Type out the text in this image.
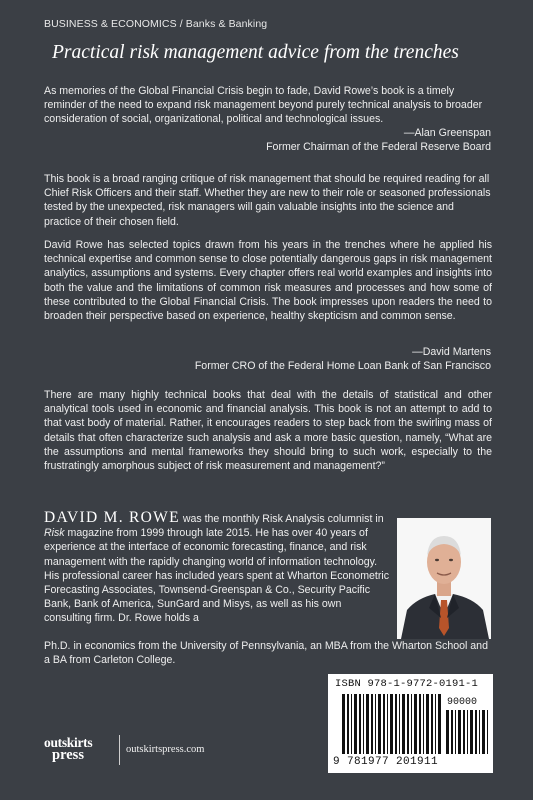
BUSINESS & ECONOMICS / Banks & Banking
Practical risk management advice from the trenches

As memories of the Global Financial Crisis begin to fade, David Rowe’s book is a timely reminder of the need to expand risk management beyond purely technical analysis to broader consideration of social, organizational, political and technological issues.

—Alan Greenspan
Former Chairman of the Federal Reserve Board

This book is a broad ranging critique of risk management that should be required reading for all Chief Risk Officers and their staff. Whether they are new to their role or seasoned professionals tested by the unexpected, risk managers will gain valuable insights into the science and practice of their chosen field.

David Rowe has selected topics drawn from his years in the trenches where he applied his technical expertise and common sense to close potentially dangerous gaps in risk management analytics, assumptions and systems. Every chapter offers real world examples and insights into both the value and the limitations of common risk measures and processes and how some of these contributed to the Global Financial Crisis. The book impresses upon readers the need to broaden their perspective based on experience, healthy skepticism and common sense.

—David Martens
Former CRO of the Federal Home Loan Bank of San Francisco

There are many highly technical books that deal with the details of statistical and other analytical tools used in economic and financial analysis. This book is not an attempt to add to that vast body of material. Rather, it encourages readers to step back from the swirling mass of details that often characterize such analysis and ask a more basic question, namely, “What are the assumptions and mental frameworks they should bring to such work, especially to the frustratingly amorphous subject of risk measurement and management?”

DAVID M. ROWE was the monthly Risk Analysis columnist in Risk magazine from 1999 through late 2015. He has over 40 years of experience at the interface of economic forecasting, finance, and risk management with the rapidly changing world of information technology. His professional career has included years spent at Wharton Econometric Forecasting Associates, Townsend-Greenspan & Co., Security Pacific Bank, Bank of America, SunGard and Misys, as well as his own consulting firm. Dr. Rowe holds a

Ph.D. in economics from the University of Pennsylvania, an MBA from the Wharton School and a BA from Carleton College.

ISBN 978-1-9772-0191-1
90000
9 781977 201911
outskirts
press	outskirtspress.com
